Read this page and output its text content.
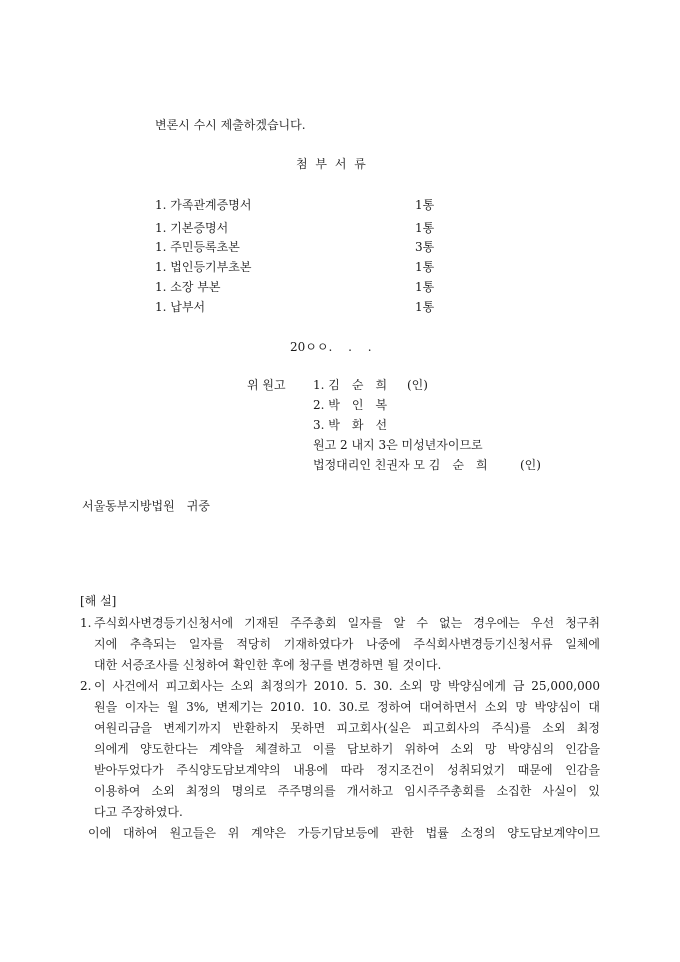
변론시 수시 제출하겠습니다.
첨 부 서 류
1. 가족관계증명서	1통
1. 기본증명서	1통
1. 주민등록초본	3통
1. 법인등기부초본	1통
1. 소장 부본	1통
1. 납부서	1통
20ㅇㅇ.　 .　 .
위 원고 1. 김　순　희 (인)
2. 박　인　복
3. 박　화　선
원고 2 내지 3은 미성년자이므로
법정대리인 친권자 모 김　순　희	(인)
서울동부지방법원　귀중
[해 설]
1. 주식회사변경등기신청서에 기재된 주주총회 일자를 알 수 없는 경우에는 우선 청구취
지에 추측되는 일자를 적당히 기재하였다가 나중에 주식회사변경등기신청서류 일체에
대한 서증조사를 신청하여 확인한 후에 청구를 변경하면 될 것이다.
2. 이 사건에서 피고회사는 소외 최정의가 2010. 5. 30. 소외 망 박양심에게 금 25,000,000
원을 이자는 월 3%, 변제기는 2010. 10. 30.로 정하여 대여하면서 소외 망 박양심이 대
여원리금을 변제기까지 반환하지 못하면 피고회사(실은 피고회사의 주식)를 소외 최정
의에게 양도한다는 계약을 체결하고 이를 담보하기 위하여 소외 망 박양심의 인감을
받아두었다가 주식양도담보계약의 내용에 따라 정지조건이 성취되었기 때문에 인감을
이용하여 소외 최정의 명의로 주주명의를 개서하고 임시주주총회를 소집한 사실이 있
다고 주장하였다.
이에 대하여 원고들은 위 계약은 가등기담보등에 관한 법률 소정의 양도담보계약이므
